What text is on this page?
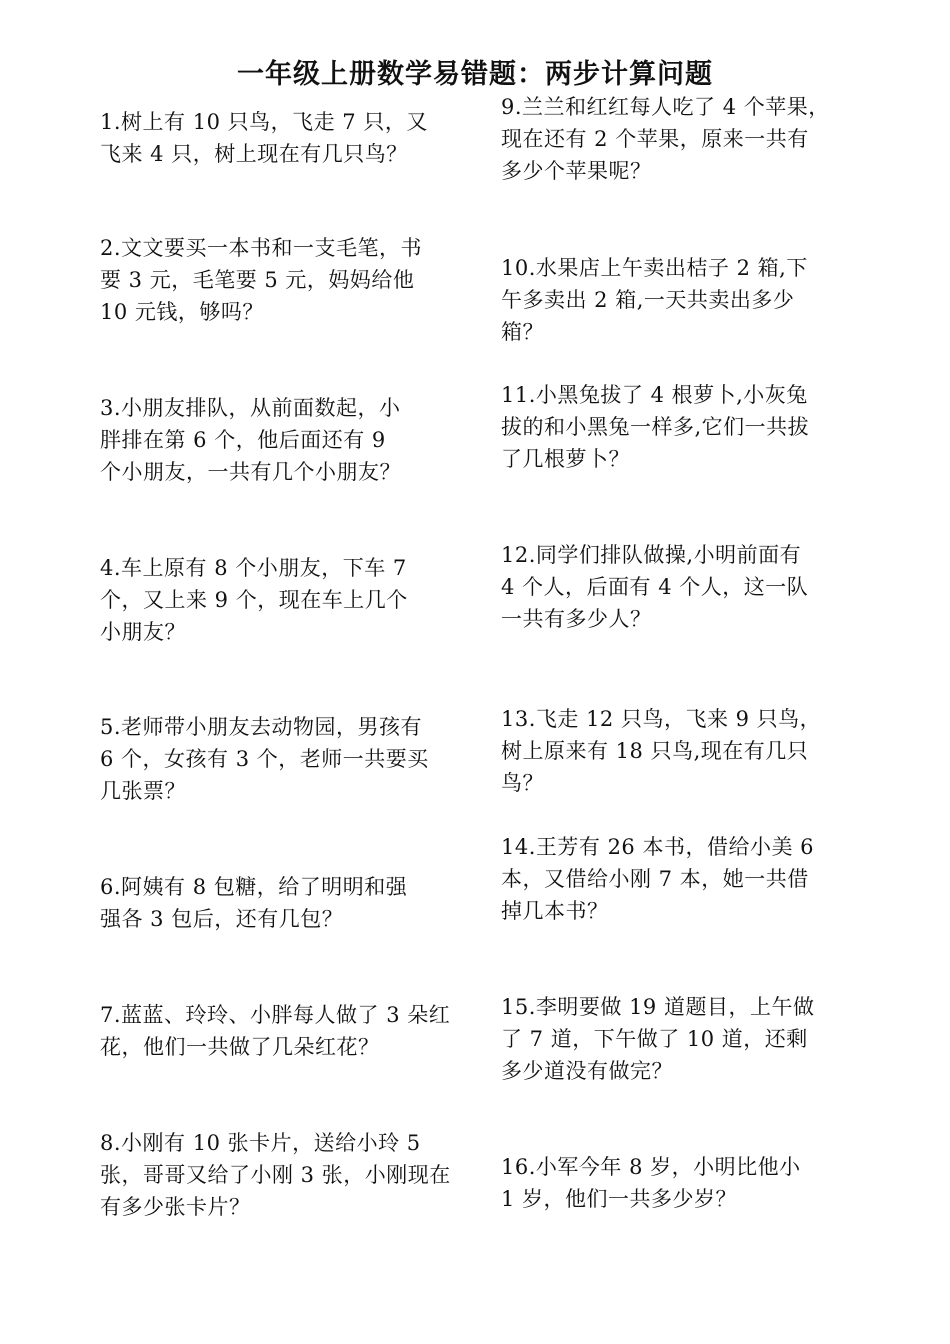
一年级上册数学易错题：两步计算问题
1.树上有 10 只鸟，飞走 7 只，又
飞来 4 只，树上现在有几只鸟？
2.文文要买一本书和一支毛笔，书
要 3 元，毛笔要 5 元，妈妈给他
10 元钱，够吗？
3.小朋友排队，从前面数起，小
胖排在第 6 个，他后面还有 9
个小朋友，一共有几个小朋友？
4.车上原有 8 个小朋友，下车 7
个，又上来 9 个，现在车上几个
小朋友？
5.老师带小朋友去动物园，男孩有
6 个，女孩有 3 个，老师一共要买
几张票？
6.阿姨有 8 包糖，给了明明和强
强各 3 包后，还有几包？
7.蓝蓝、玲玲、小胖每人做了 3 朵红
花，他们一共做了几朵红花？
8.小刚有 10 张卡片，送给小玲 5
张，哥哥又给了小刚 3 张，小刚现在
有多少张卡片？
9.兰兰和红红每人吃了 4 个苹果，
现在还有 2 个苹果，原来一共有
多少个苹果呢？
10.水果店上午卖出桔子 2 箱,下
午多卖出 2 箱,一天共卖出多少
箱？
11.小黑兔拔了 4 根萝卜,小灰兔
拔的和小黑兔一样多,它们一共拔
了几根萝卜？
12.同学们排队做操,小明前面有
4 个人，后面有 4 个人，这一队
一共有多少人？
13.飞走 12 只鸟，飞来 9 只鸟，
树上原来有 18 只鸟,现在有几只
鸟？
14.王芳有 26 本书，借给小美 6
本，又借给小刚 7 本，她一共借
掉几本书？
15.李明要做 19 道题目，上午做
了 7 道，下午做了 10 道，还剩
多少道没有做完？
16.小军今年 8 岁，小明比他小
1 岁，他们一共多少岁？
